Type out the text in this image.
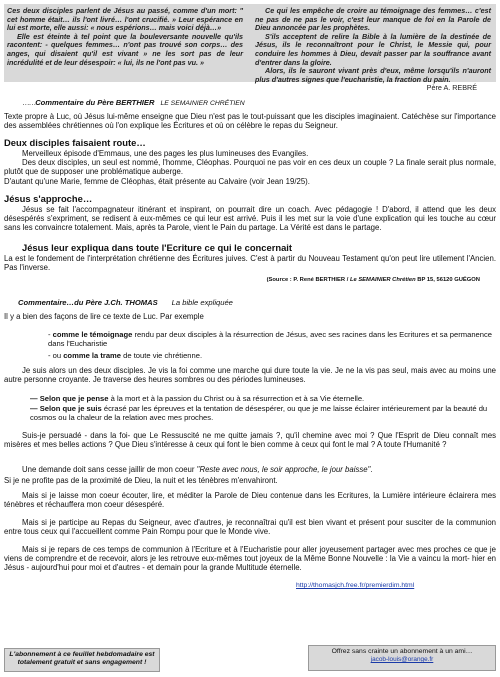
Ces deux disciples parlent de Jésus au passé, comme d'un mort: " cet homme était… ils l'ont livré… l'ont crucifié. » Leur espérance en lui est morte, elle aussi: « nous espérions… mais voici déjà…»

Elle est éteinte à tel point que la bouleversante nouvelle qu'ils racontent: - quelques femmes… n'ont pas trouvé son corps… des anges, qui disaient qu'il est vivant » ne les sort pas de leur incrédulité et de leur désespoir: « lui, ils ne l'ont pas vu. »

Ce qui les empêche de croire au témoignage des femmes… c'est ne pas de ne pas le voir, c'est leur manque de foi en la Parole de Dieu annoncée par les prophètes.

S'ils acceptent de relire la Bible à la lumière de la destinée de Jésus, ils le reconnaîtront pour le Christ, le Messie qui, pour conduire les hommes à Dieu, devait passer par la souffrance avant d'entrer dans la gloire.

Alors, ils le sauront vivant près d'eux, même lorsqu'ils n'auront plus d'autres signes que l'eucharistie, la fraction du pain.

Père A. REBRÉ

……Commentaire du Père BERTHIER LE SEMAINIER CHRÉTIEN

Texte propre à Luc, où Jésus lui-même enseigne que Dieu n'est pas le tout-puissant que les disciples imaginaient. Catéchèse sur l'importance des assemblées chrétiennes où l'on explique les Écritures et où on célèbre le repas du Seigneur.

Deux disciples faisaient route…

Merveilleux épisode d'Emmaus, une des pages les plus lumineuses des Evangiles.

Des deux disciples, un seul est nommé, l'homme, Cléophas. Pourquoi ne pas voir en ces deux un couple ? La finale serait plus normale, plutôt que de supposer une problématique auberge.

D'autant qu'une Marie, femme de Cléophas, était présente au Calvaire (voir Jean 19/25).

Jésus s'approche…

Jésus se fait l'accompagnateur itinérant et inspirant, on pourrait dire un coach. Avec pédagogie ! D'abord, il attend que les deux désespérés s'expriment, se redisent à eux-mêmes ce qui leur est arrivé. Puis il les met sur la voie d'une explication qui les touche au cœur sans les convaincre totalement. Mais, après ta Parole, vient le Pain du partage. La Vérité est dans le partage.

Jésus leur expliqua dans toute l'Ecriture ce qui le concernait

La est le fondement de l'interprétation chrétienne des Écritures juives. C'est à partir du Nouveau Testament qu'on peut lire utilement l'Ancien. Pas l'inverse.

(Source : P. René BERTHIER / Le SEMAINIER Chrétien BP 15, 56120 GUÉGON
Commentaire…du Père J.Ch. THOMAS La bible expliquée

Il y a bien des façons de lire ce texte de Luc. Par exemple

- comme le témoignage rendu par deux disciples à la résurrection de Jésus, avec ses racines dans les Ecritures et sa permanence dans l'Eucharistie
- ou comme la trame de toute vie chrétienne.

Je suis alors un des deux disciples. Je vis la foi comme une marche qui dure toute la vie. Je ne la vis pas seul, mais avec au moins une autre personne croyante. Je traverse des heures sombres ou des périodes lumineuses.

— Selon que je pense à la mort et à la passion du Christ ou à sa résurrection et à sa Vie éternelle.
— Selon que je suis écrasé par les épreuves et la tentation de désespérer, ou que je me laisse éclairer intérieurement par la beauté du cosmos ou la chaleur de la relation avec mes proches.

Suis-je persuadé - dans la foi- que Le Ressuscité ne me quitte jamais ?, qu'il chemine avec moi ? Que l'Esprit de Dieu connaît mes misères et mes belles actions ? Que Dieu s'intéresse à ceux qui font le bien comme à ceux qui font le mal ? A toute l'Humanité ?

Une demande doit sans cesse jaillir de mon coeur "Reste avec nous, le soir approche, le jour baisse".

Si je ne profite pas de la proximité de Dieu, la nuit et les ténèbres m'envahiront.

Mais si je laisse mon coeur écouter, lire, et méditer la Parole de Dieu contenue dans les Ecritures, la Lumière intérieure éclairera mes ténèbres et réchauffera mon coeur désespéré.

Mais si je participe au Repas du Seigneur, avec d'autres, je reconnaîtrai qu'il est bien vivant et présent pour susciter de la communion entre tous ceux qui l'accueillent comme Pain Rompu pour que le Monde vive.

Mais si je repars de ces temps de communion à l'Ecriture et à l'Eucharistie pour aller joyeusement partager avec mes proches ce que je viens de comprendre et de recevoir, alors je les retrouve eux-mêmes tout joyeux de la Même Bonne Nouvelle : la Vie a vaincu la mort- hier en Jésus - aujourd'hui pour moi et d'autres - et demain pour la grande Multitude éternelle.

http://thomasjch.free.fr/premierdim.html
L'abonnement à ce feuillet hebdomadaire est totalement gratuit et sans engagement !
Offrez sans crainte un abonnement à un ami…
jacob-louis@orange.fr
